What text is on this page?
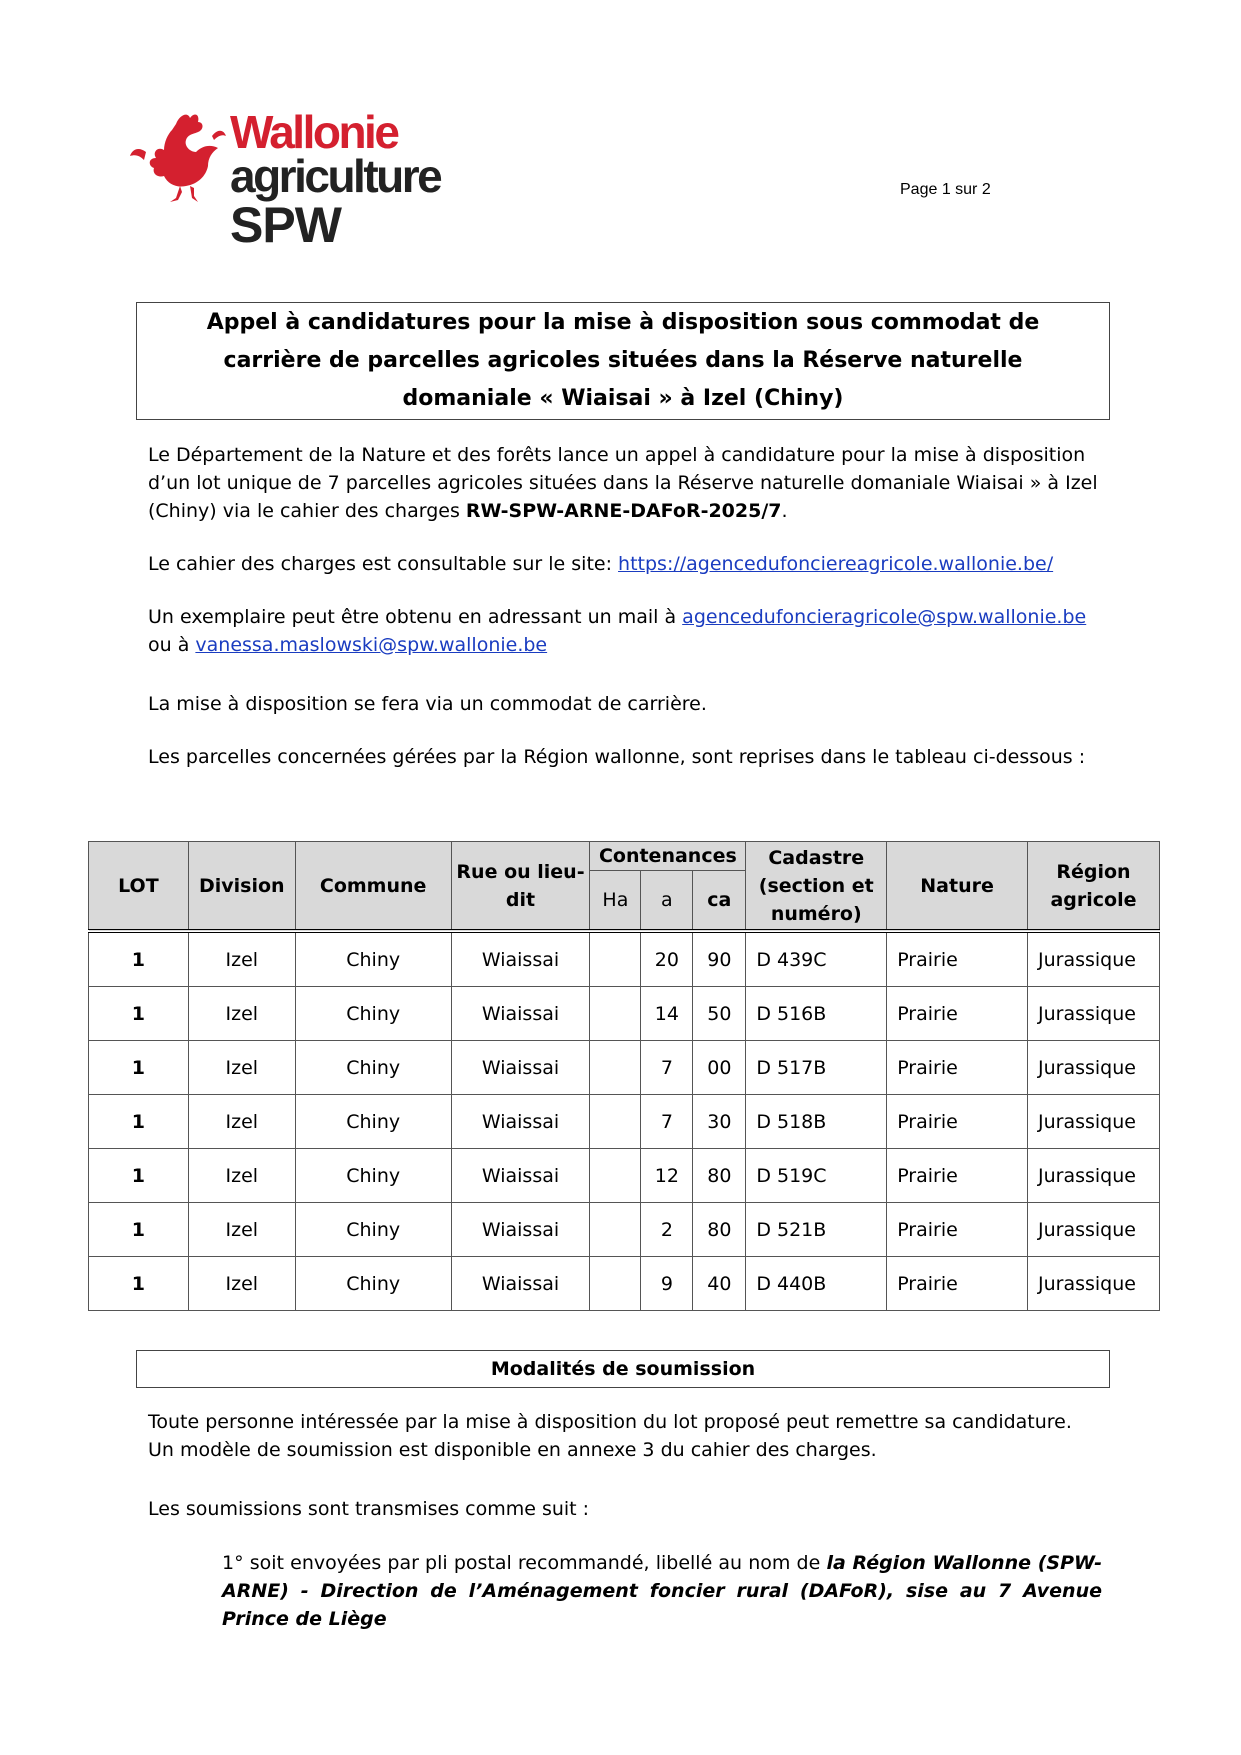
Wallonie
agriculture
SPW
Page 1 sur 2
Appel à candidatures pour la mise à disposition sous commodat de carrière de parcelles agricoles situées dans la Réserve naturelle domaniale « Wiaisai » à Izel (Chiny)
Le Département de la Nature et des forêts lance un appel à candidature pour la mise à disposition d’un lot unique de 7 parcelles agricoles situées dans la Réserve naturelle domaniale Wiaisai » à Izel (Chiny) via le cahier des charges RW-SPW-ARNE-DAFoR-2025/7.
Le cahier des charges est consultable sur le site: https://agencedufonciereagricole.wallonie.be/
Un exemplaire peut être obtenu en adressant un mail à agencedufoncieragricole@spw.wallonie.be ou à vanessa.maslowski@spw.wallonie.be
La mise à disposition se fera via un commodat de carrière.
Les parcelles concernées gérées par la Région wallonne, sont reprises dans le tableau ci-dessous :
LOT	Division	Commune	Rue ou lieu-dit	Contenances			Cadastre (section et numéro)	Nature	Région agricole
				Ha	a	ca			
1	Izel	Chiny	Wiaissai		20	90	D 439C	Prairie	Jurassique
1	Izel	Chiny	Wiaissai		14	50	D 516B	Prairie	Jurassique
1	Izel	Chiny	Wiaissai		7	00	D 517B	Prairie	Jurassique
1	Izel	Chiny	Wiaissai		7	30	D 518B	Prairie	Jurassique
1	Izel	Chiny	Wiaissai		12	80	D 519C	Prairie	Jurassique
1	Izel	Chiny	Wiaissai		2	80	D 521B	Prairie	Jurassique
1	Izel	Chiny	Wiaissai		9	40	D 440B	Prairie	Jurassique
Modalités de soumission
Toute personne intéressée par la mise à disposition du lot proposé peut remettre sa candidature. Un modèle de soumission est disponible en annexe 3 du cahier des charges.
Les soumissions sont transmises comme suit :
1° soit envoyées par pli postal recommandé, libellé au nom de la Région Wallonne (SPW-ARNE) - Direction de l’Aménagement foncier rural (DAFoR), sise au 7 Avenue Prince de Liège
